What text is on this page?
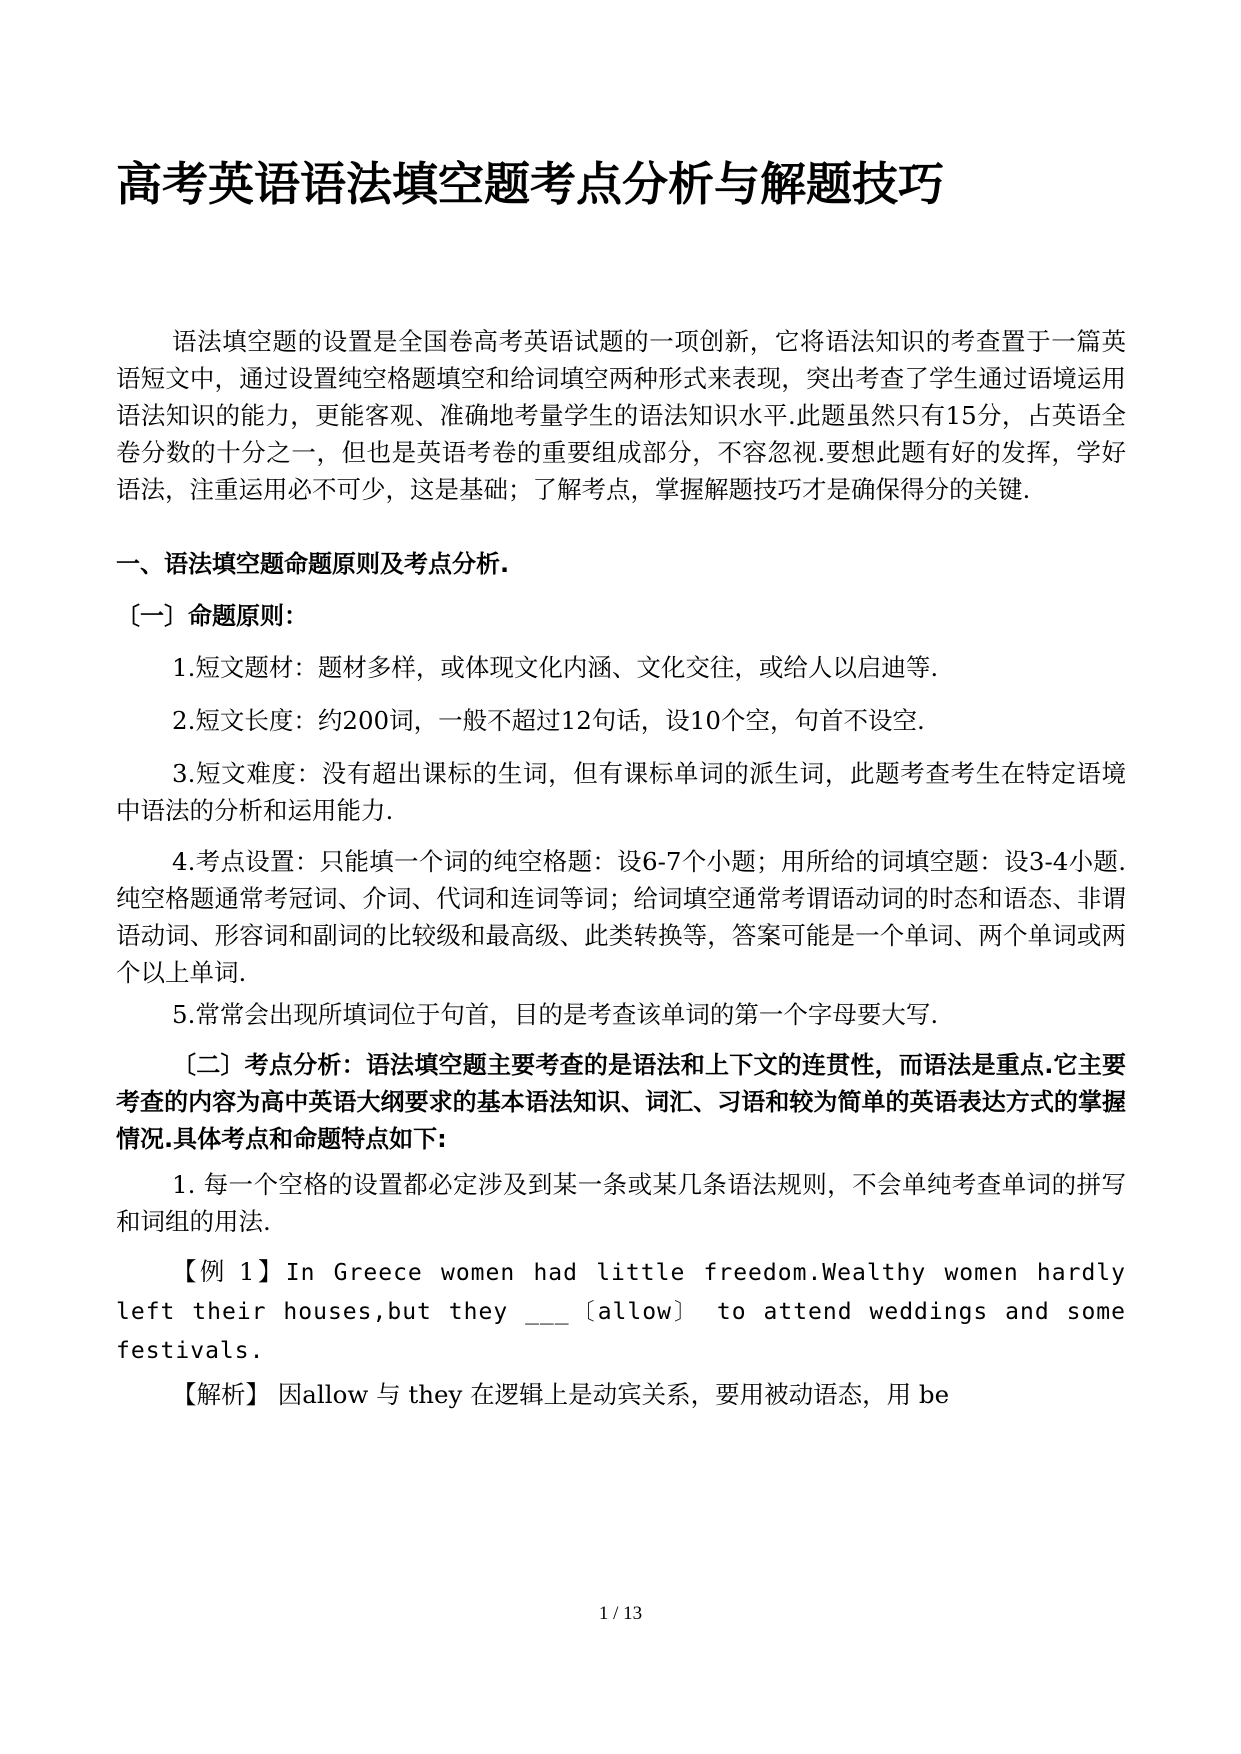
高考英语语法填空题考点分析与解题技巧

语法填空题的设置是全国卷高考英语试题的一项创新，它将语法知识的考查置于一篇英语短文中，通过设置纯空格题填空和给词填空两种形式来表现，突出考查了学生通过语境运用语法知识的能力，更能客观、准确地考量学生的语法知识水平.此题虽然只有15分，占英语全卷分数的十分之一，但也是英语考卷的重要组成部分，不容忽视.要想此题有好的发挥，学好语法，注重运用必不可少，这是基础；了解考点，掌握解题技巧才是确保得分的关键.

一、语法填空题命题原则及考点分析.

〔一〕命题原则：

1.短文题材：题材多样，或体现文化内涵、文化交往，或给人以启迪等.

2.短文长度：约200词，一般不超过12句话，设10个空，句首不设空.

3.短文难度：没有超出课标的生词，但有课标单词的派生词，此题考查考生在特定语境中语法的分析和运用能力.

4.考点设置：只能填一个词的纯空格题：设6-7个小题；用所给的词填空题：设3-4小题.纯空格题通常考冠词、介词、代词和连词等词；给词填空通常考谓语动词的时态和语态、非谓语动词、形容词和副词的比较级和最高级、此类转换等，答案可能是一个单词、两个单词或两个以上单词.

5.常常会出现所填词位于句首，目的是考查该单词的第一个字母要大写.

〔二〕考点分析：语法填空题主要考查的是语法和上下文的连贯性，而语法是重点.它主要考查的内容为高中英语大纲要求的基本语法知识、词汇、习语和较为简单的英语表达方式的掌握情况.具体考点和命题特点如下:

1. 每一个空格的设置都必定涉及到某一条或某几条语法规则，不会单纯考查单词的拼写和词组的用法.

【例 1】In Greece women had little freedom.Wealthy women hardly left their houses,but they ___〔allow〕 to attend weddings and some festivals.

【解析】 因allow 与 they 在逻辑上是动宾关系，要用被动语态，用 be

1 / 13
